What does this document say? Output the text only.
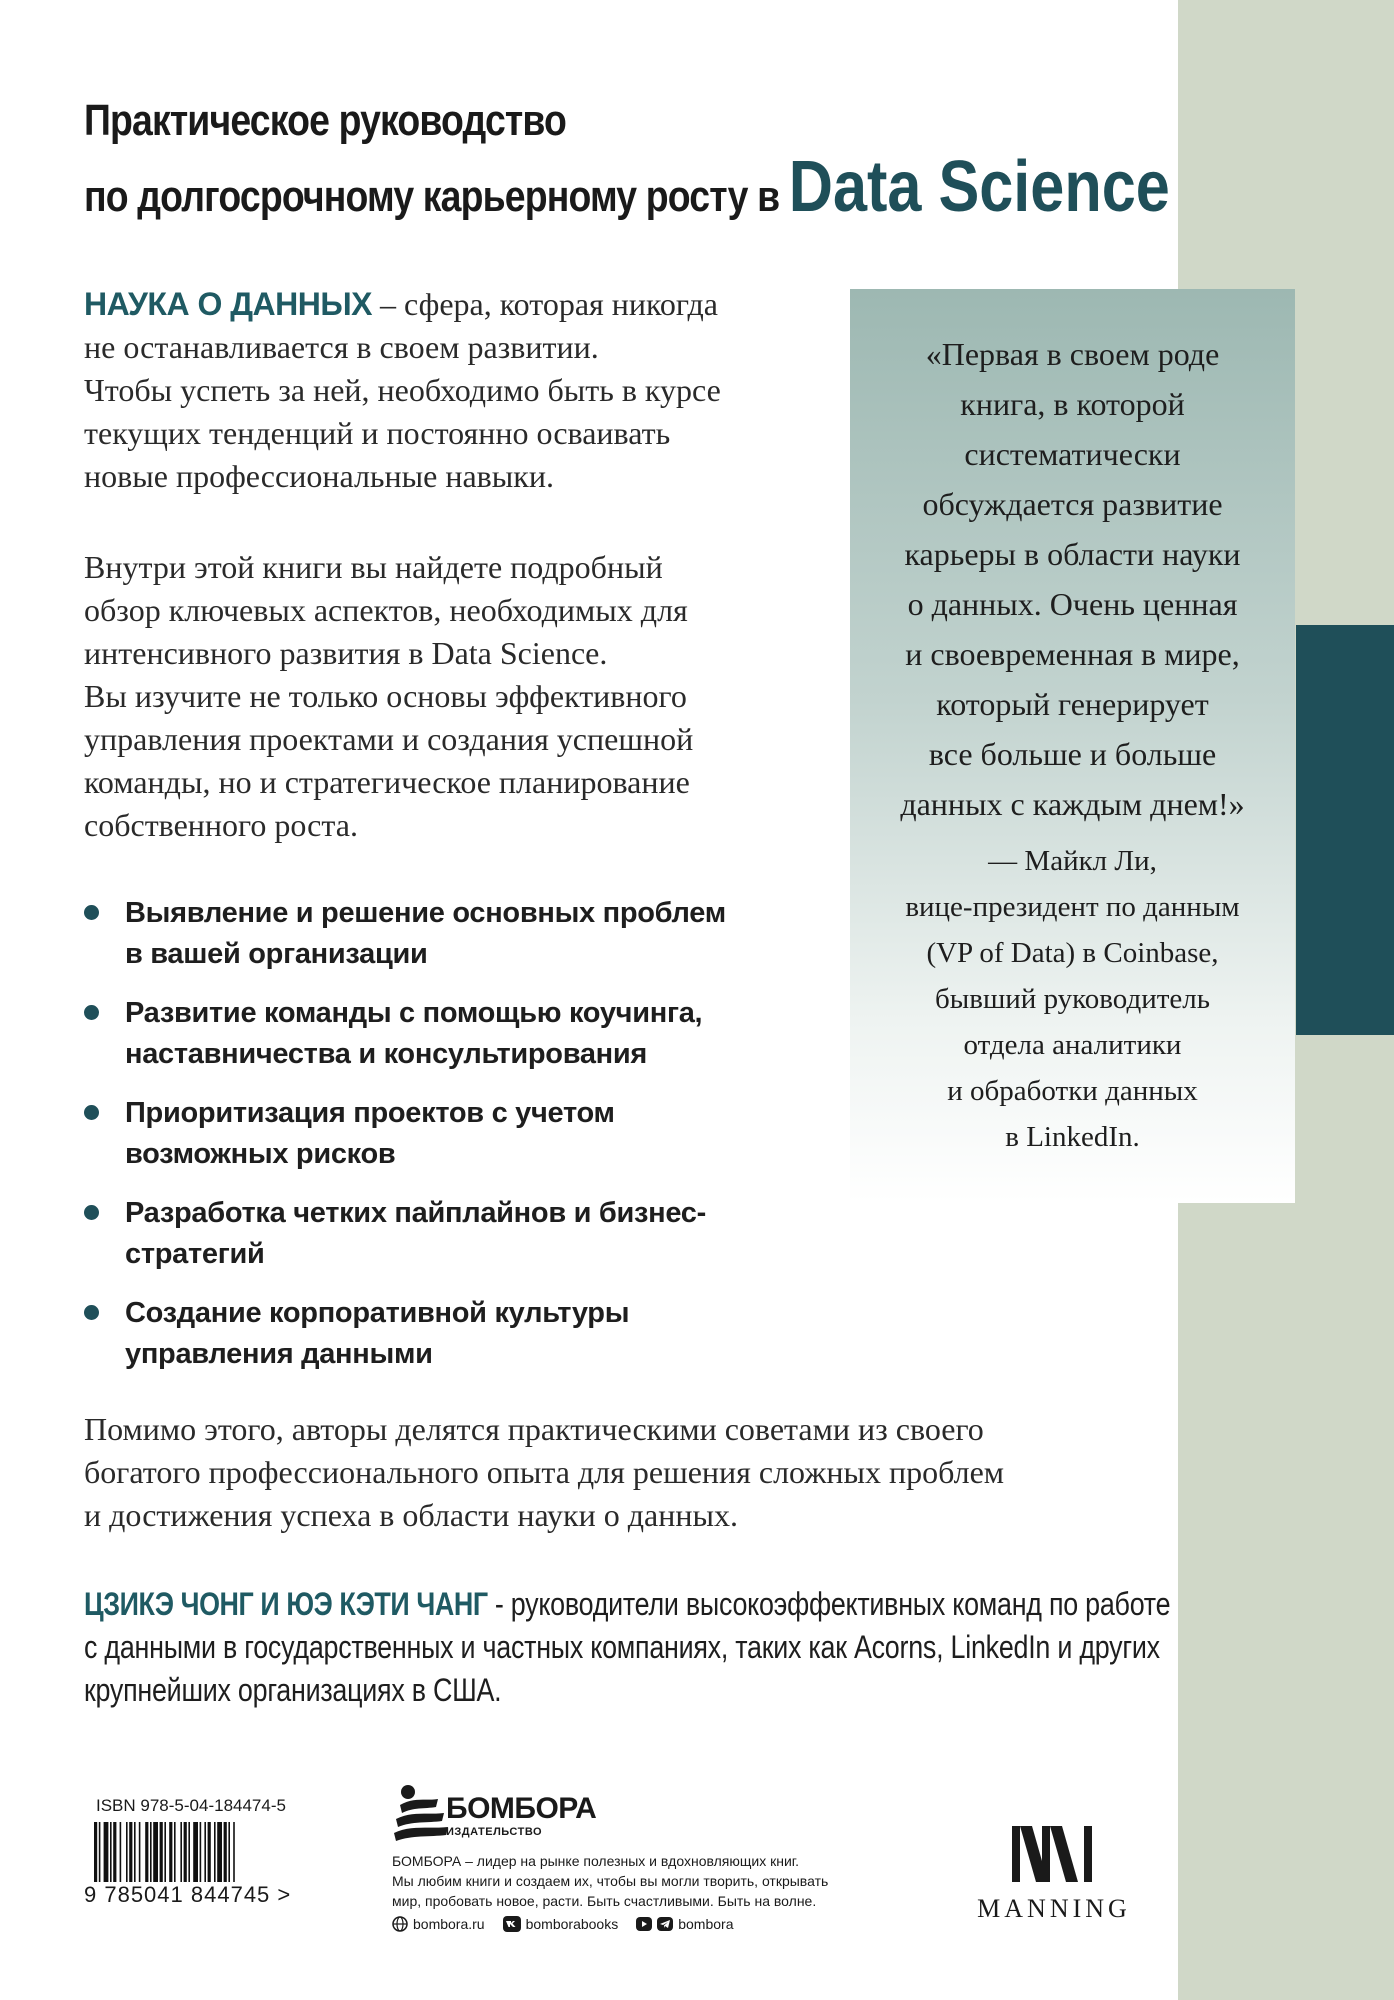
Практическое руководство
по долгосрочному карьерному росту в Data Science
НАУКА О ДАННЫХ – сфера, которая никогда
не останавливается в своем развитии.
Чтобы успеть за ней, необходимо быть в курсе
текущих тенденций и постоянно осваивать
новые профессиональные навыки.
Внутри этой книги вы найдете подробный
обзор ключевых аспектов, необходимых для
интенсивного развития в Data Science.
Вы изучите не только основы эффективного
управления проектами и создания успешной
команды, но и стратегическое планирование
собственного роста.
Выявление и решение основных проблем
в вашей организации
Развитие команды с помощью коучинга,
наставничества и консультирования
Приоритизация проектов с учетом
возможных рисков
Разработка четких пайплайнов и бизнес-
стратегий
Создание корпоративной культуры
управления данными
Помимо этого, авторы делятся практическими советами из своего
богатого профессионального опыта для решения сложных проблем
и достижения успеха в области науки о данных.
ЦЗИКЭ ЧОНГ И ЮЭ КЭТИ ЧАНГ - руководители высокоэффективных команд по работе
с данными в государственных и частных компаниях, таких как Acorns, LinkedIn и других
крупнейших организациях в США.
«Первая в своем роде
книга, в которой
систематически
обсуждается развитие
карьеры в области науки
о данных. Очень ценная
и своевременная в мире,
который генерирует
все больше и больше
данных с каждым днем!»
— Майкл Ли,
вице-президент по данным
(VP of Data) в Coinbase,
бывший руководитель
отдела аналитики
и обработки данных
в LinkedIn.
ISBN 978-5-04-184474-5
9 785041 844745 >
БОМБОРА
ИЗДАТЕЛЬСТВО
БОМБОРА – лидер на рынке полезных и вдохновляющих книг.
Мы любим книги и создаем их, чтобы вы могли творить, открывать
мир, пробовать новое, расти. Быть счастливыми. Быть на волне.
bombora.ru	bomborabooks	bombora
MANNING
